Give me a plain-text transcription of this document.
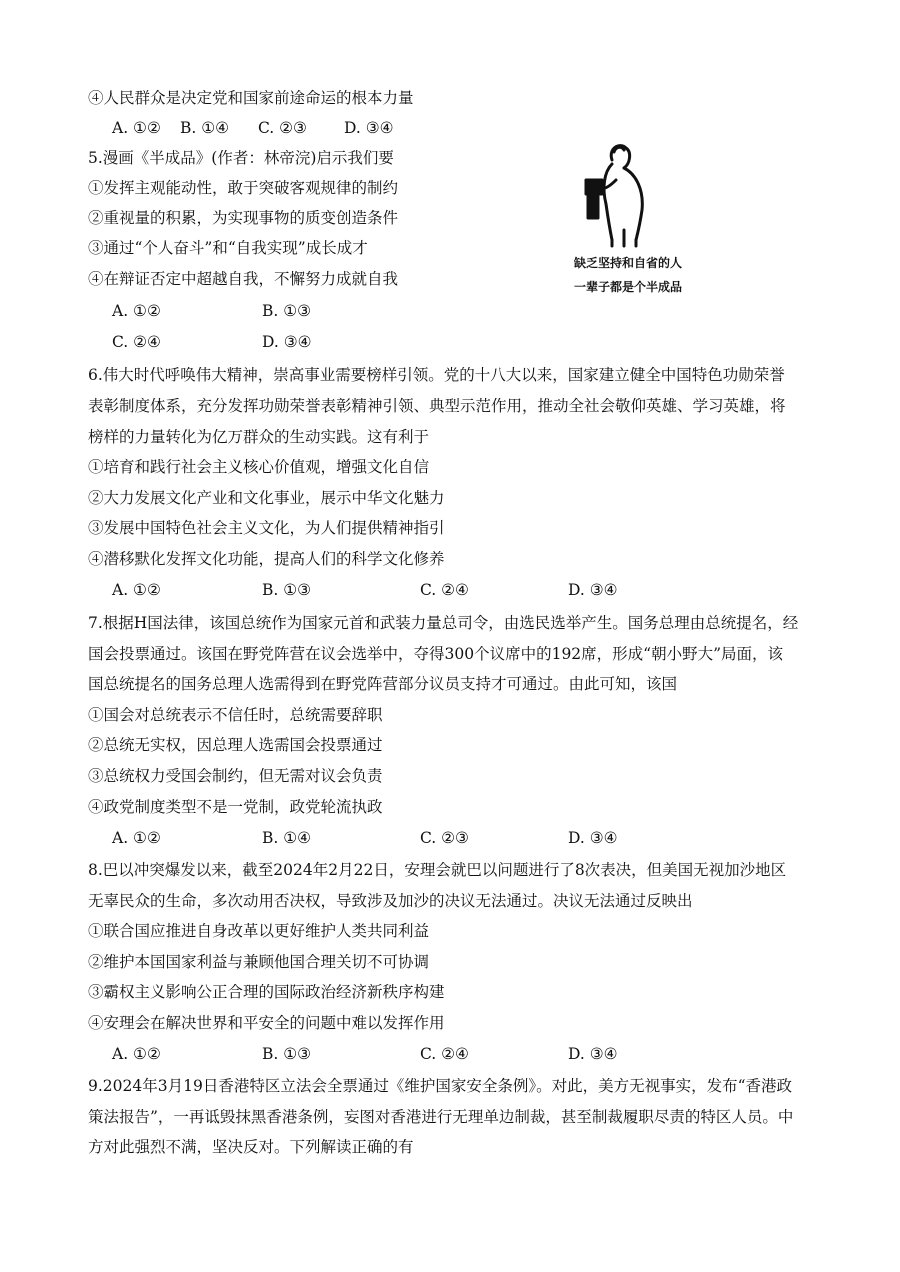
④人民群众是决定党和国家前途命运的根本力量
A. ①② B. ①④ C. ②③ D. ③④
5.漫画《半成品》(作者：林帝浣)启示我们要
①发挥主观能动性，敢于突破客观规律的制约
②重视量的积累，为实现事物的质变创造条件
③通过“个人奋斗”和“自我实现”成长成才
④在辩证否定中超越自我，不懈努力成就自我
A. ①②	B. ①③
C. ②④	D. ③④
缺乏坚持和自省的人
一辈子都是个半成品
6.伟大时代呼唤伟大精神，崇高事业需要榜样引领。党的十八大以来，国家建立健全中国特色功勋荣誉
表彰制度体系，充分发挥功勋荣誉表彰精神引领、典型示范作用，推动全社会敬仰英雄、学习英雄，将
榜样的力量转化为亿万群众的生动实践。这有利于
①培育和践行社会主义核心价值观，增强文化自信
②大力发展文化产业和文化事业，展示中华文化魅力
③发展中国特色社会主义文化，为人们提供精神指引
④潜移默化发挥文化功能，提高人们的科学文化修养
A. ①②	B. ①③	C. ②④	D. ③④
7.根据H国法律，该国总统作为国家元首和武装力量总司令，由选民选举产生。国务总理由总统提名，经
国会投票通过。该国在野党阵营在议会选举中，夺得300个议席中的192席，形成“朝小野大”局面，该
国总统提名的国务总理人选需得到在野党阵营部分议员支持才可通过。由此可知，该国
①国会对总统表示不信任时，总统需要辞职
②总统无实权，因总理人选需国会投票通过
③总统权力受国会制约，但无需对议会负责
④政党制度类型不是一党制，政党轮流执政
A. ①②	B. ①④	C. ②③	D. ③④
8.巴以冲突爆发以来，截至2024年2月22日，安理会就巴以问题进行了8次表决，但美国无视加沙地区
无辜民众的生命，多次动用否决权，导致涉及加沙的决议无法通过。决议无法通过反映出
①联合国应推进自身改革以更好维护人类共同利益
②维护本国国家利益与兼顾他国合理关切不可协调
③霸权主义影响公正合理的国际政治经济新秩序构建
④安理会在解决世界和平安全的问题中难以发挥作用
A. ①②	B. ①③	C. ②④	D. ③④
9.2024年3月19日香港特区立法会全票通过《维护国家安全条例》。对此，美方无视事实，发布“香港政
策法报告”，一再诋毁抹黑香港条例，妄图对香港进行无理单边制裁，甚至制裁履职尽责的特区人员。中
方对此强烈不满，坚决反对。下列解读正确的有
